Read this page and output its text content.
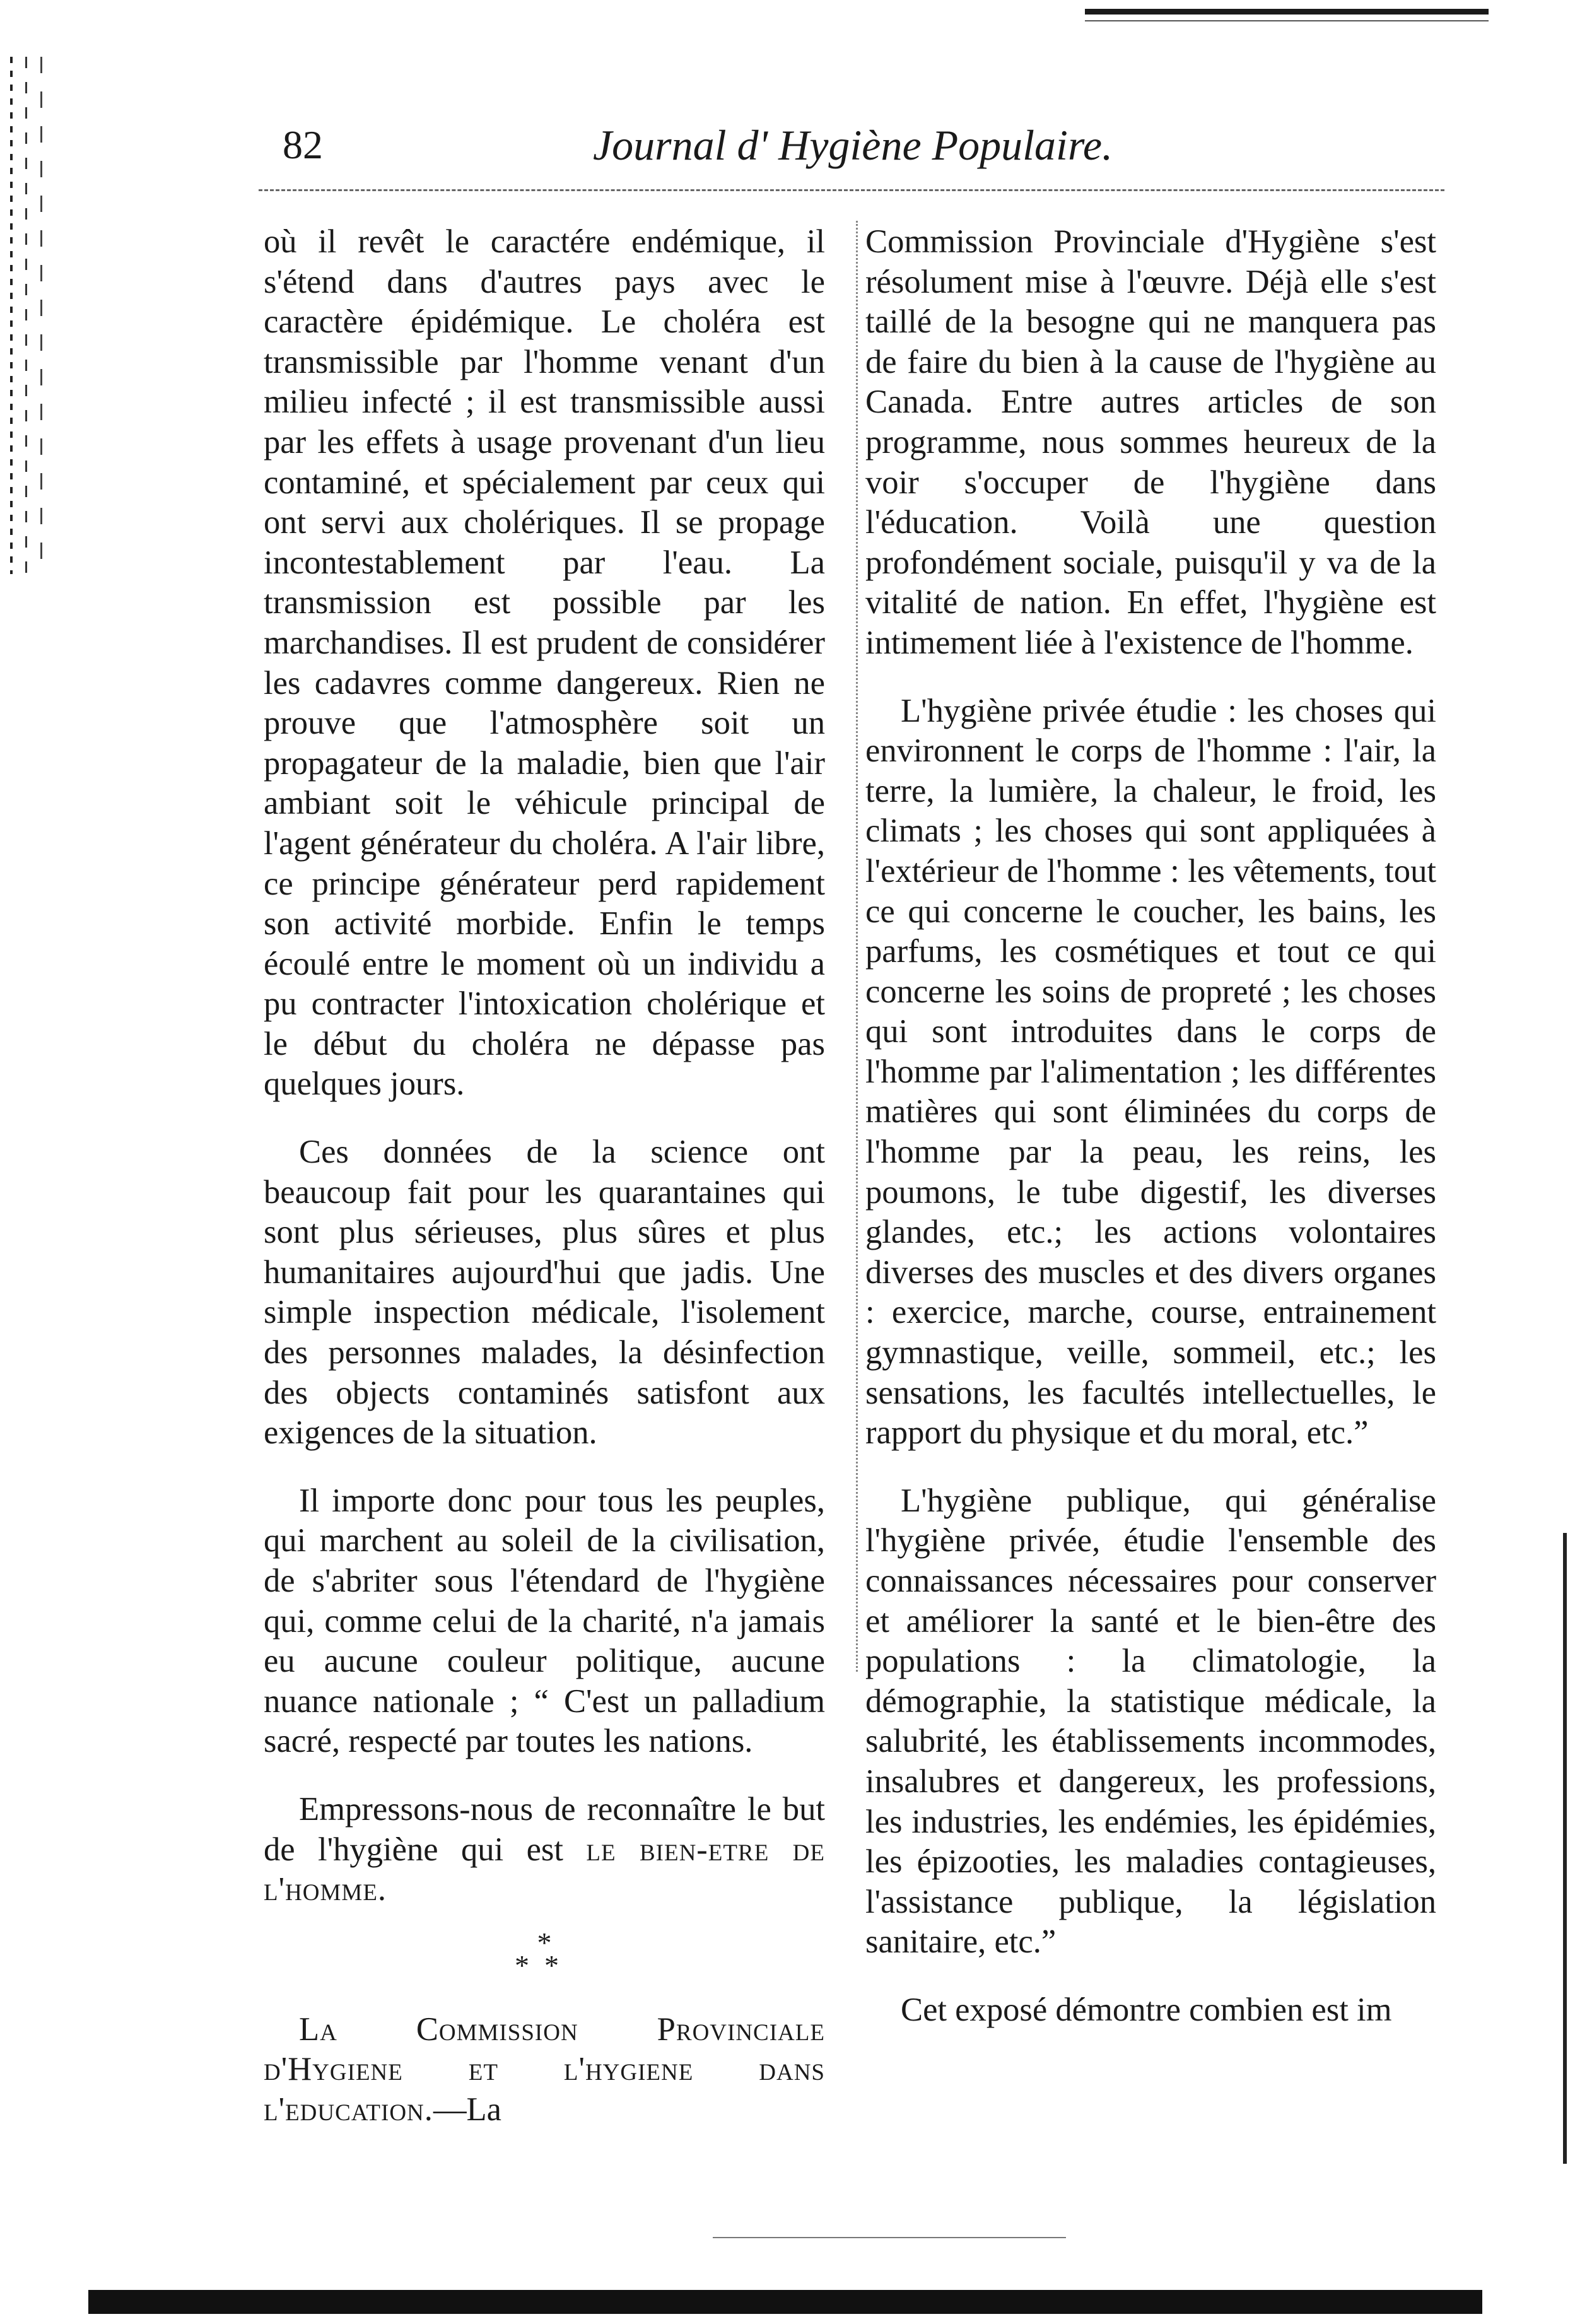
82	Journal d' Hygiène Populaire.

où il revêt le caractére endémique, il s'étend dans d'autres pays avec le caractère épidémique. Le choléra est transmissible par l'homme venant d'un milieu infecté ; il est transmissible aussi par les effets à usage provenant d'un lieu contaminé, et spécialement par ceux qui ont servi aux cholériques. Il se propage incontestablement par l'eau. La transmission est possible par les marchandises. Il est prudent de considérer les cadavres comme dangereux. Rien ne prouve que l'atmosphère soit un propagateur de la maladie, bien que l'air ambiant soit le véhicule principal de l'agent générateur du choléra. A l'air libre, ce principe générateur perd rapidement son activité morbide. Enfin le temps écoulé entre le moment où un individu a pu contracter l'intoxication cholérique et le début du choléra ne dépasse pas quelques jours.

Ces données de la science ont beaucoup fait pour les quarantaines qui sont plus sérieuses, plus sûres et plus humanitaires aujourd'hui que jadis. Une simple inspection médicale, l'isolement des personnes malades, la désinfection des objects contaminés satisfont aux exigences de la situation.

Il importe donc pour tous les peuples, qui marchent au soleil de la civilisation, de s'abriter sous l'étendard de l'hygiène qui, comme celui de la charité, n'a jamais eu aucune couleur politique, aucune nuance nationale ; “ C'est un palladium sacré, respecté par toutes les nations.

Empressons-nous de reconnaître le but de l'hygiène qui est le bien-etre de l'homme.

*
**

La Commission Provinciale d'Hygiene et l'hygiene dans l'education.—La

Commission Provinciale d'Hygiène s'est résolument mise à l'œuvre. Déjà elle s'est taillé de la besogne qui ne manquera pas de faire du bien à la cause de l'hygiène au Canada. Entre autres articles de son programme, nous sommes heureux de la voir s'occuper de l'hygiène dans l'éducation. Voilà une question profondément sociale, puisqu'il y va de la vitalité de nation. En effet, l'hygiène est intimement liée à l'existence de l'homme.

L'hygiène privée étudie : les choses qui environnent le corps de l'homme : l'air, la terre, la lumière, la chaleur, le froid, les climats ; les choses qui sont appliquées à l'extérieur de l'homme : les vêtements, tout ce qui concerne le coucher, les bains, les parfums, les cosmétiques et tout ce qui concerne les soins de propreté ; les choses qui sont introduites dans le corps de l'homme par l'alimentation ; les différentes matières qui sont éliminées du corps de l'homme par la peau, les reins, les poumons, le tube digestif, les diverses glandes, etc.; les actions volontaires diverses des muscles et des divers organes : exercice, marche, course, entrainement gymnastique, veille, sommeil, etc.; les sensations, les facultés intellectuelles, le rapport du physique et du moral, etc.”

L'hygiène publique, qui généralise l'hygiène privée, étudie l'ensemble des connaissances nécessaires pour conserver et améliorer la santé et le bien-être des populations : la climatologie, la démographie, la statistique médicale, la salubrité, les établissements incommodes, insalubres et dangereux, les professions, les industries, les endémies, les épidémies, les épizooties, les maladies contagieuses, l'assistance publique, la législation sanitaire, etc.”

Cet exposé démontre combien est im
